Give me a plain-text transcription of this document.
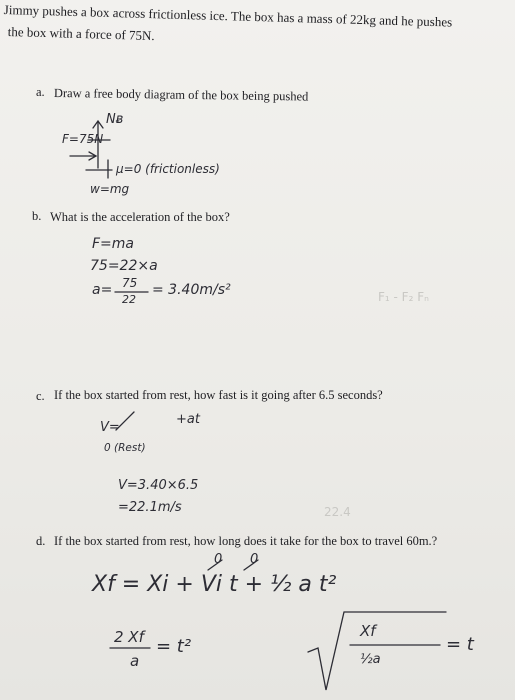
Jimmy pushes a box across frictionless ice. The box has a mass of 22kg and he pushes
the box with a force of 75N.
a. Draw a free body diagram of the box being pushed
b. What is the acceleration of the box?
c. If the box started from rest, how fast is it going after 6.5 seconds?
d. If the box started from rest, how long does it take for the box to travel 60m.?
Nᴃ
F=75N
μ=0 (frictionless)
w=mg
F=ma
75=22×a
a= 75
22
= 3.40m/s²	F₁ - F₂ Fₙ
V=
+at
0 (Rest)
V=3.40×6.5
=22.1m/s	22.4
Xf = Xi + Vi t + ½ a t²
0 0
2 Xf
a
= t²
Xf
½a
= t
